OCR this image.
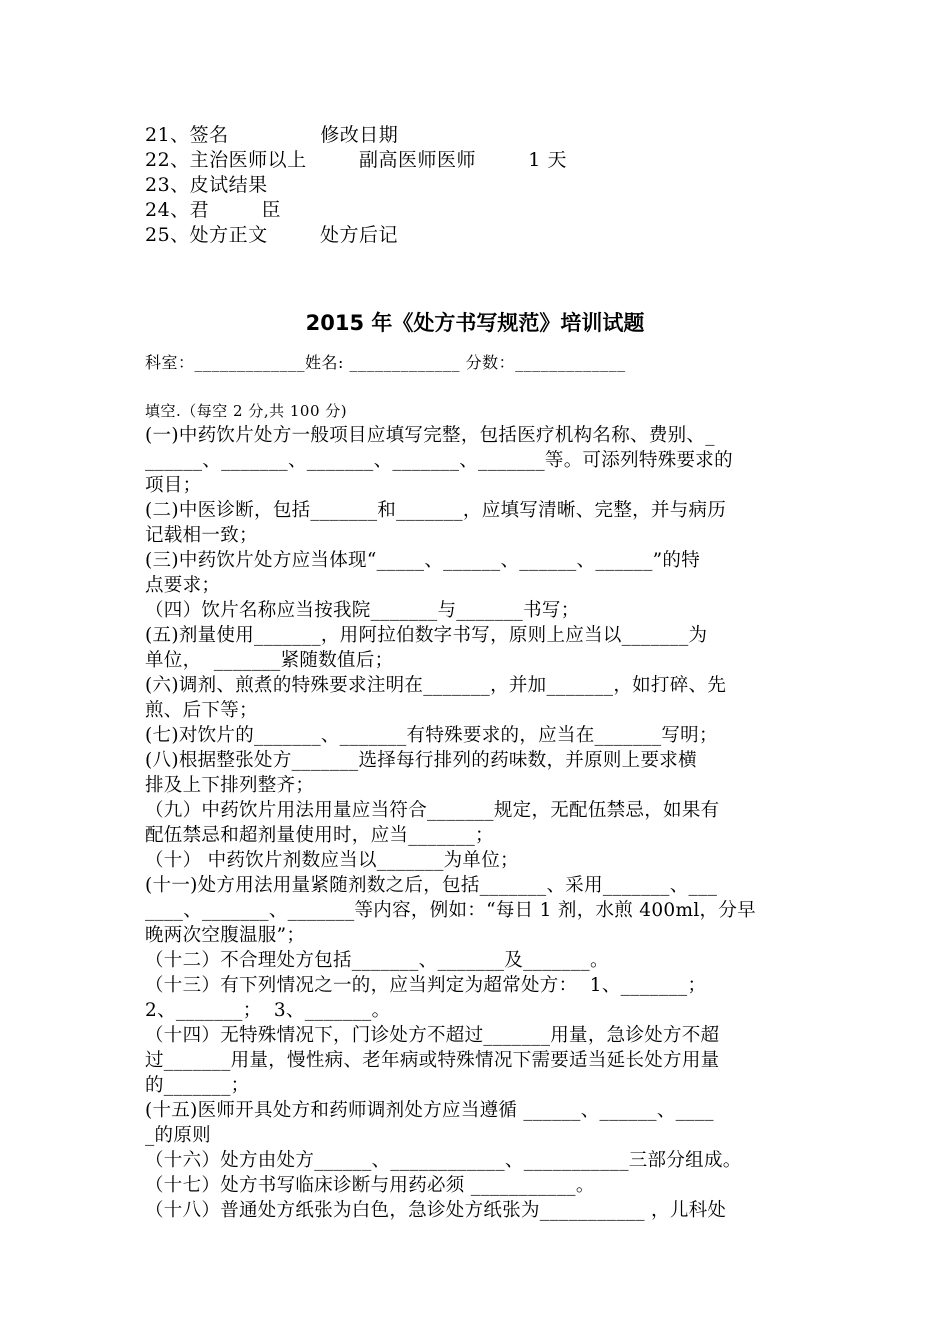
21、签名              修改日期
22、主治医师以上        副高医师医师        1 天
23、皮试结果
24、君        臣
25、处方正文        处方后记
2015 年《处方书写规范》培训试题
科室：_____________姓名: _____________ 分数：_____________
填空.（每空 2 分,共 100 分)
(一)中药饮片处方一般项目应填写完整，包括医疗机构名称、费别、_
______、_______、_______、_______、_______等。可添列特殊要求的
项目；
(二)中医诊断，包括_______和_______，应填写清晰、完整，并与病历
记载相一致；
(三)中药饮片处方应当体现“_____、______、______、______”的特
点要求；
（四）饮片名称应当按我院_______与_______书写；
(五)剂量使用_______，用阿拉伯数字书写，原则上应当以_______为
单位，  _______紧随数值后；
(六)调剂、煎煮的特殊要求注明在_______，并加_______，如打碎、先
煎、后下等；
(七)对饮片的_______、_______有特殊要求的，应当在_______写明；
(八)根据整张处方_______选择每行排列的药味数，并原则上要求横
排及上下排列整齐；
（九）中药饮片用法用量应当符合_______规定，无配伍禁忌，如果有
配伍禁忌和超剂量使用时，应当_______；
（十） 中药饮片剂数应当以_______为单位；
(十一)处方用法用量紧随剂数之后，包括_______、采用_______、___
____、_______、_______等内容，例如：“每日 1 剂，水煎 400ml，分早
晚两次空腹温服”；
（十二）不合理处方包括_______、_______及_______。
（十三）有下列情况之一的，应当判定为超常处方：  1、_______；
2、_______；  3、_______。
（十四）无特殊情况下，门诊处方不超过_______用量，急诊处方不超
过_______用量，慢性病、老年病或特殊情况下需要适当延长处方用量
的_______；
(十五)医师开具处方和药师调剂处方应当遵循 ______、______、____
_的原则
（十六）处方由处方______、____________、___________三部分组成。
（十七）处方书写临床诊断与用药必须 ___________。
（十八）普通处方纸张为白色，急诊处方纸张为___________ ，儿科处
